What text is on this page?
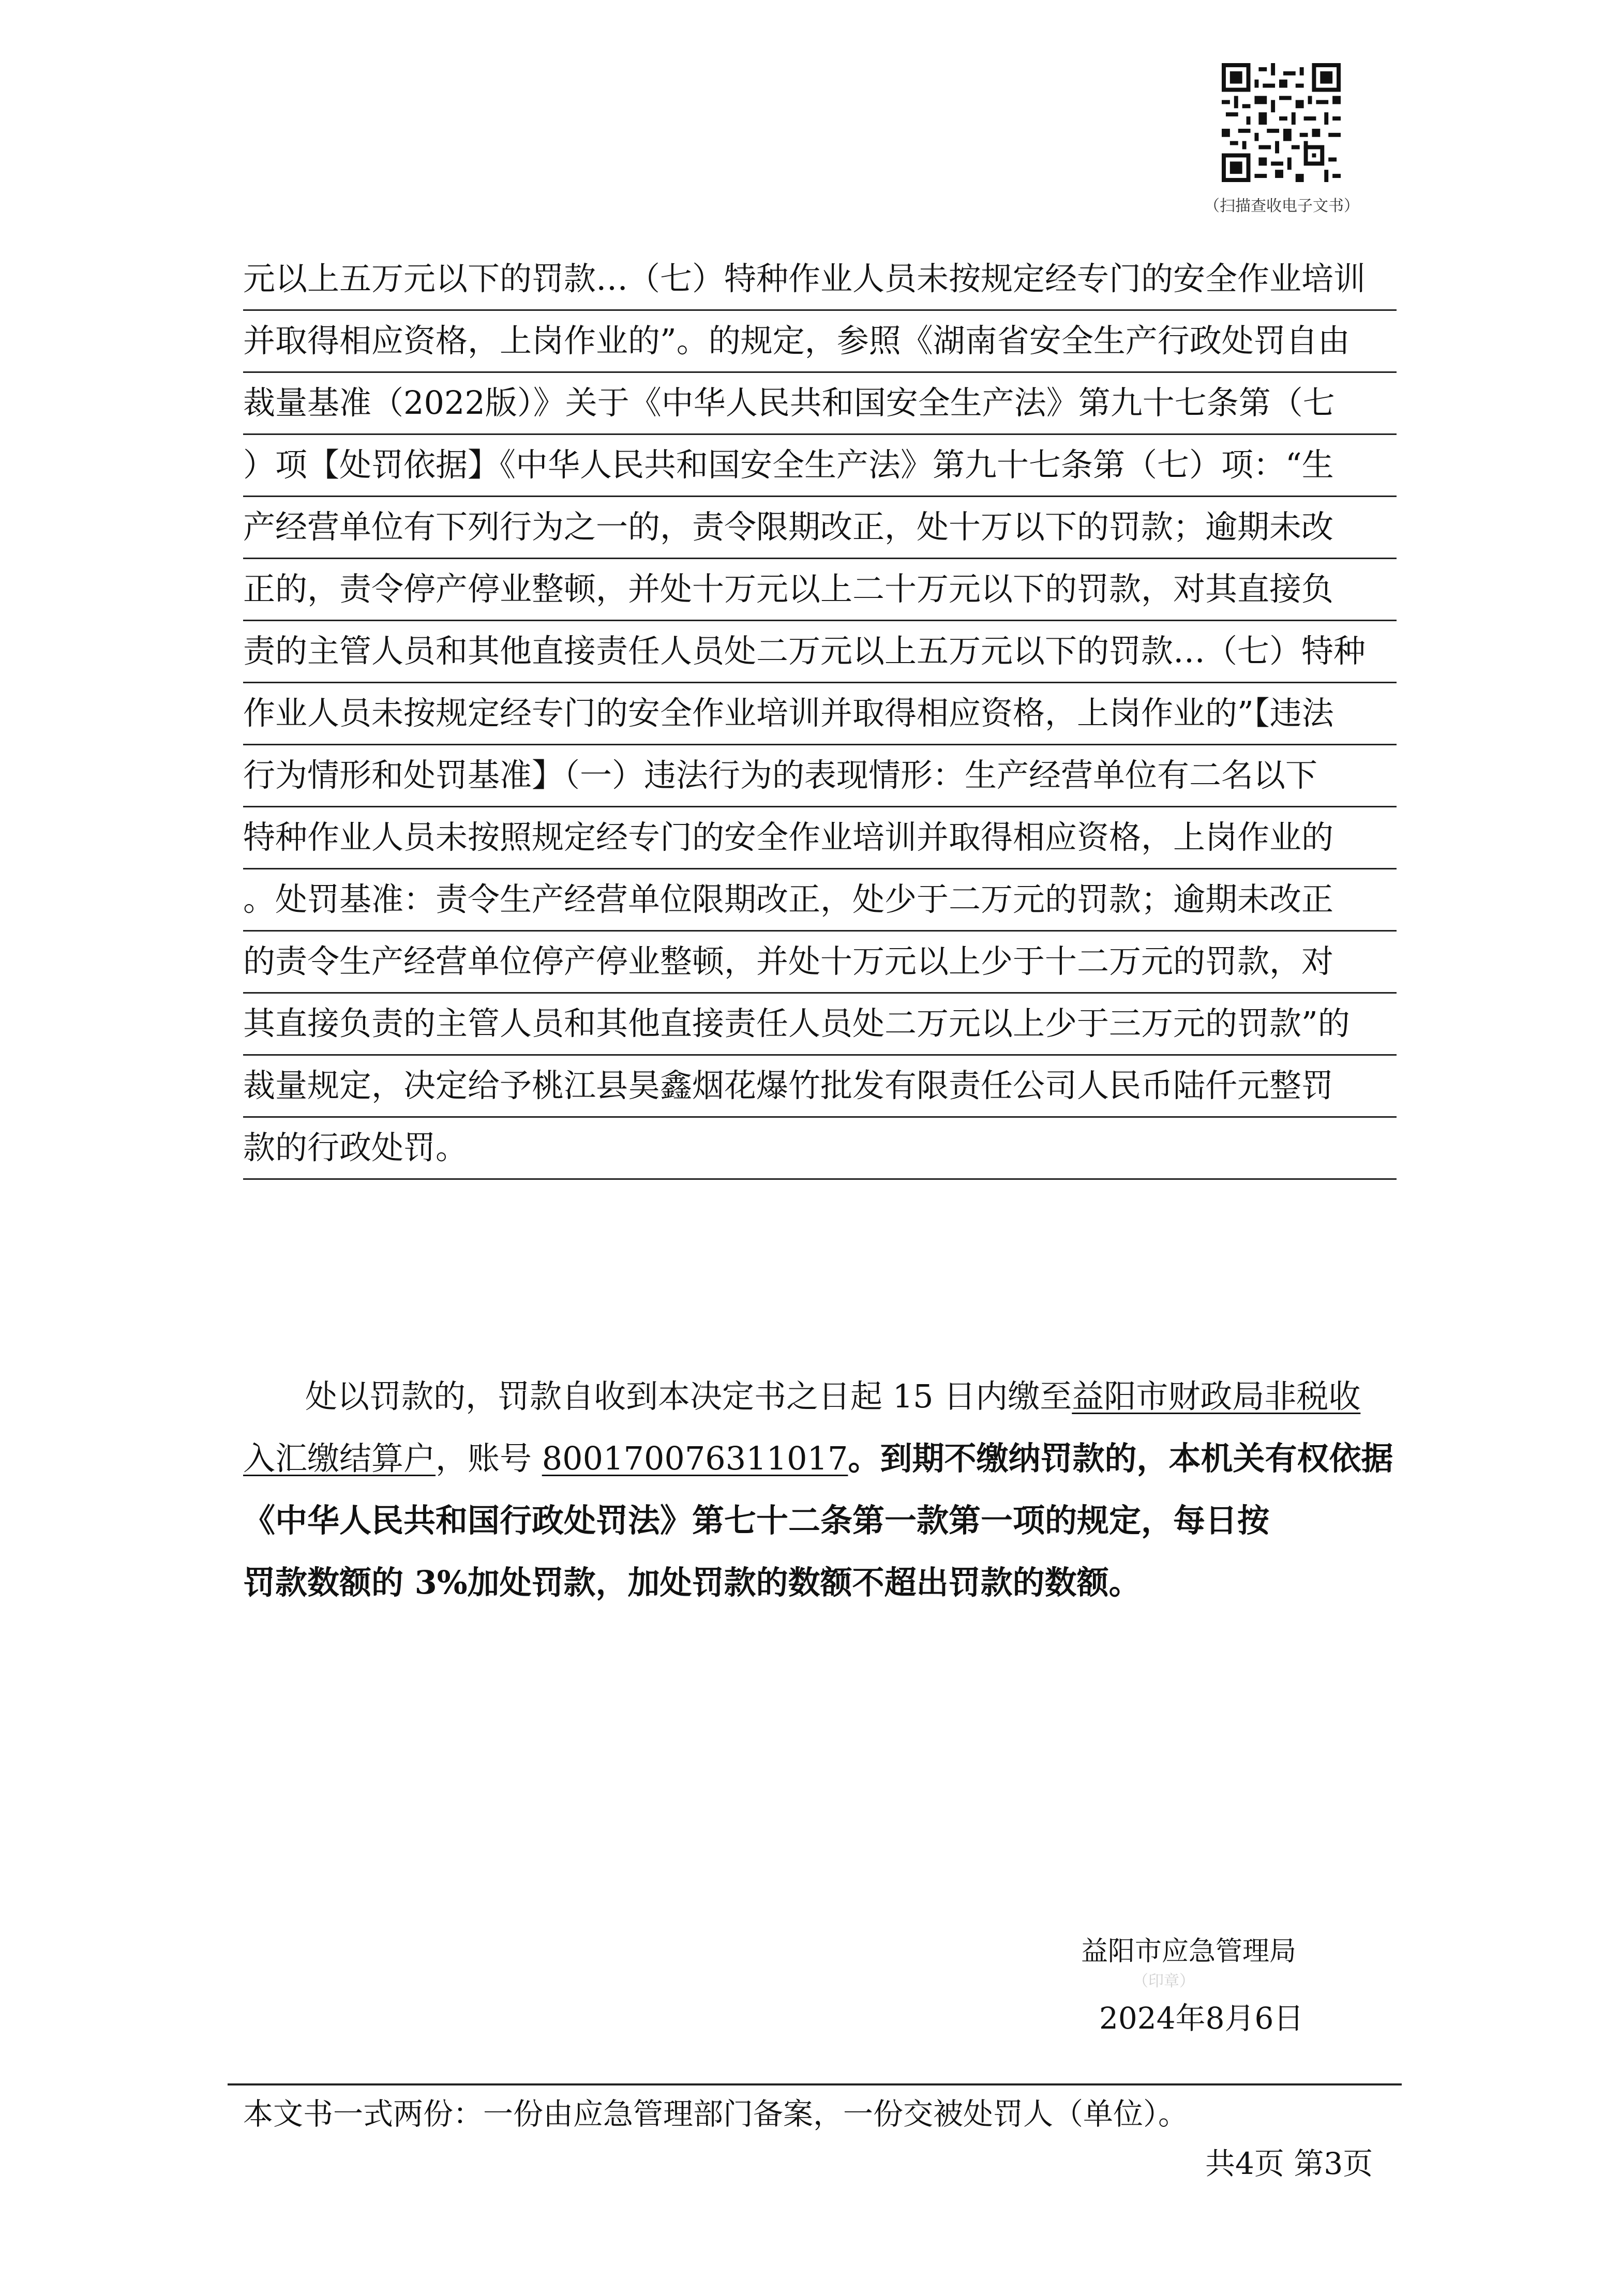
（扫描查收电子文书）
元以上五万元以下的罚款…（七）特种作业人员未按规定经专门的安全作业培训
并取得相应资格，上岗作业的”。的规定，参照《湖南省安全生产行政处罚自由
裁量基准（2022版）》关于《中华人民共和国安全生产法》第九十七条第（七
）项【处罚依据】《中华人民共和国安全生产法》第九十七条第（七）项：“生
产经营单位有下列行为之一的，责令限期改正，处十万以下的罚款；逾期未改
正的，责令停产停业整顿，并处十万元以上二十万元以下的罚款，对其直接负
责的主管人员和其他直接责任人员处二万元以上五万元以下的罚款…（七）特种
作业人员未按规定经专门的安全作业培训并取得相应资格，上岗作业的”【违法
行为情形和处罚基准】（一）违法行为的表现情形：生产经营单位有二名以下
特种作业人员未按照规定经专门的安全作业培训并取得相应资格，上岗作业的
。处罚基准：责令生产经营单位限期改正，处少于二万元的罚款；逾期未改正
的责令生产经营单位停产停业整顿，并处十万元以上少于十二万元的罚款，对
其直接负责的主管人员和其他直接责任人员处二万元以上少于三万元的罚款”的
裁量规定，决定给予桃江县昊鑫烟花爆竹批发有限责任公司人民币陆仟元整罚
款的行政处罚。
处以罚款的，罚款自收到本决定书之日起 15 日内缴至益阳市财政局非税收
入汇缴结算户，账号 800170076311017。到期不缴纳罚款的，本机关有权依据
《中华人民共和国行政处罚法》第七十二条第一款第一项的规定，每日按
罚款数额的 3%加处罚款，加处罚款的数额不超出罚款的数额。
益阳市应急管理局
（印章）
2024年8月6日
本文书一式两份：一份由应急管理部门备案，一份交被处罚人（单位）。
共4页 第3页
